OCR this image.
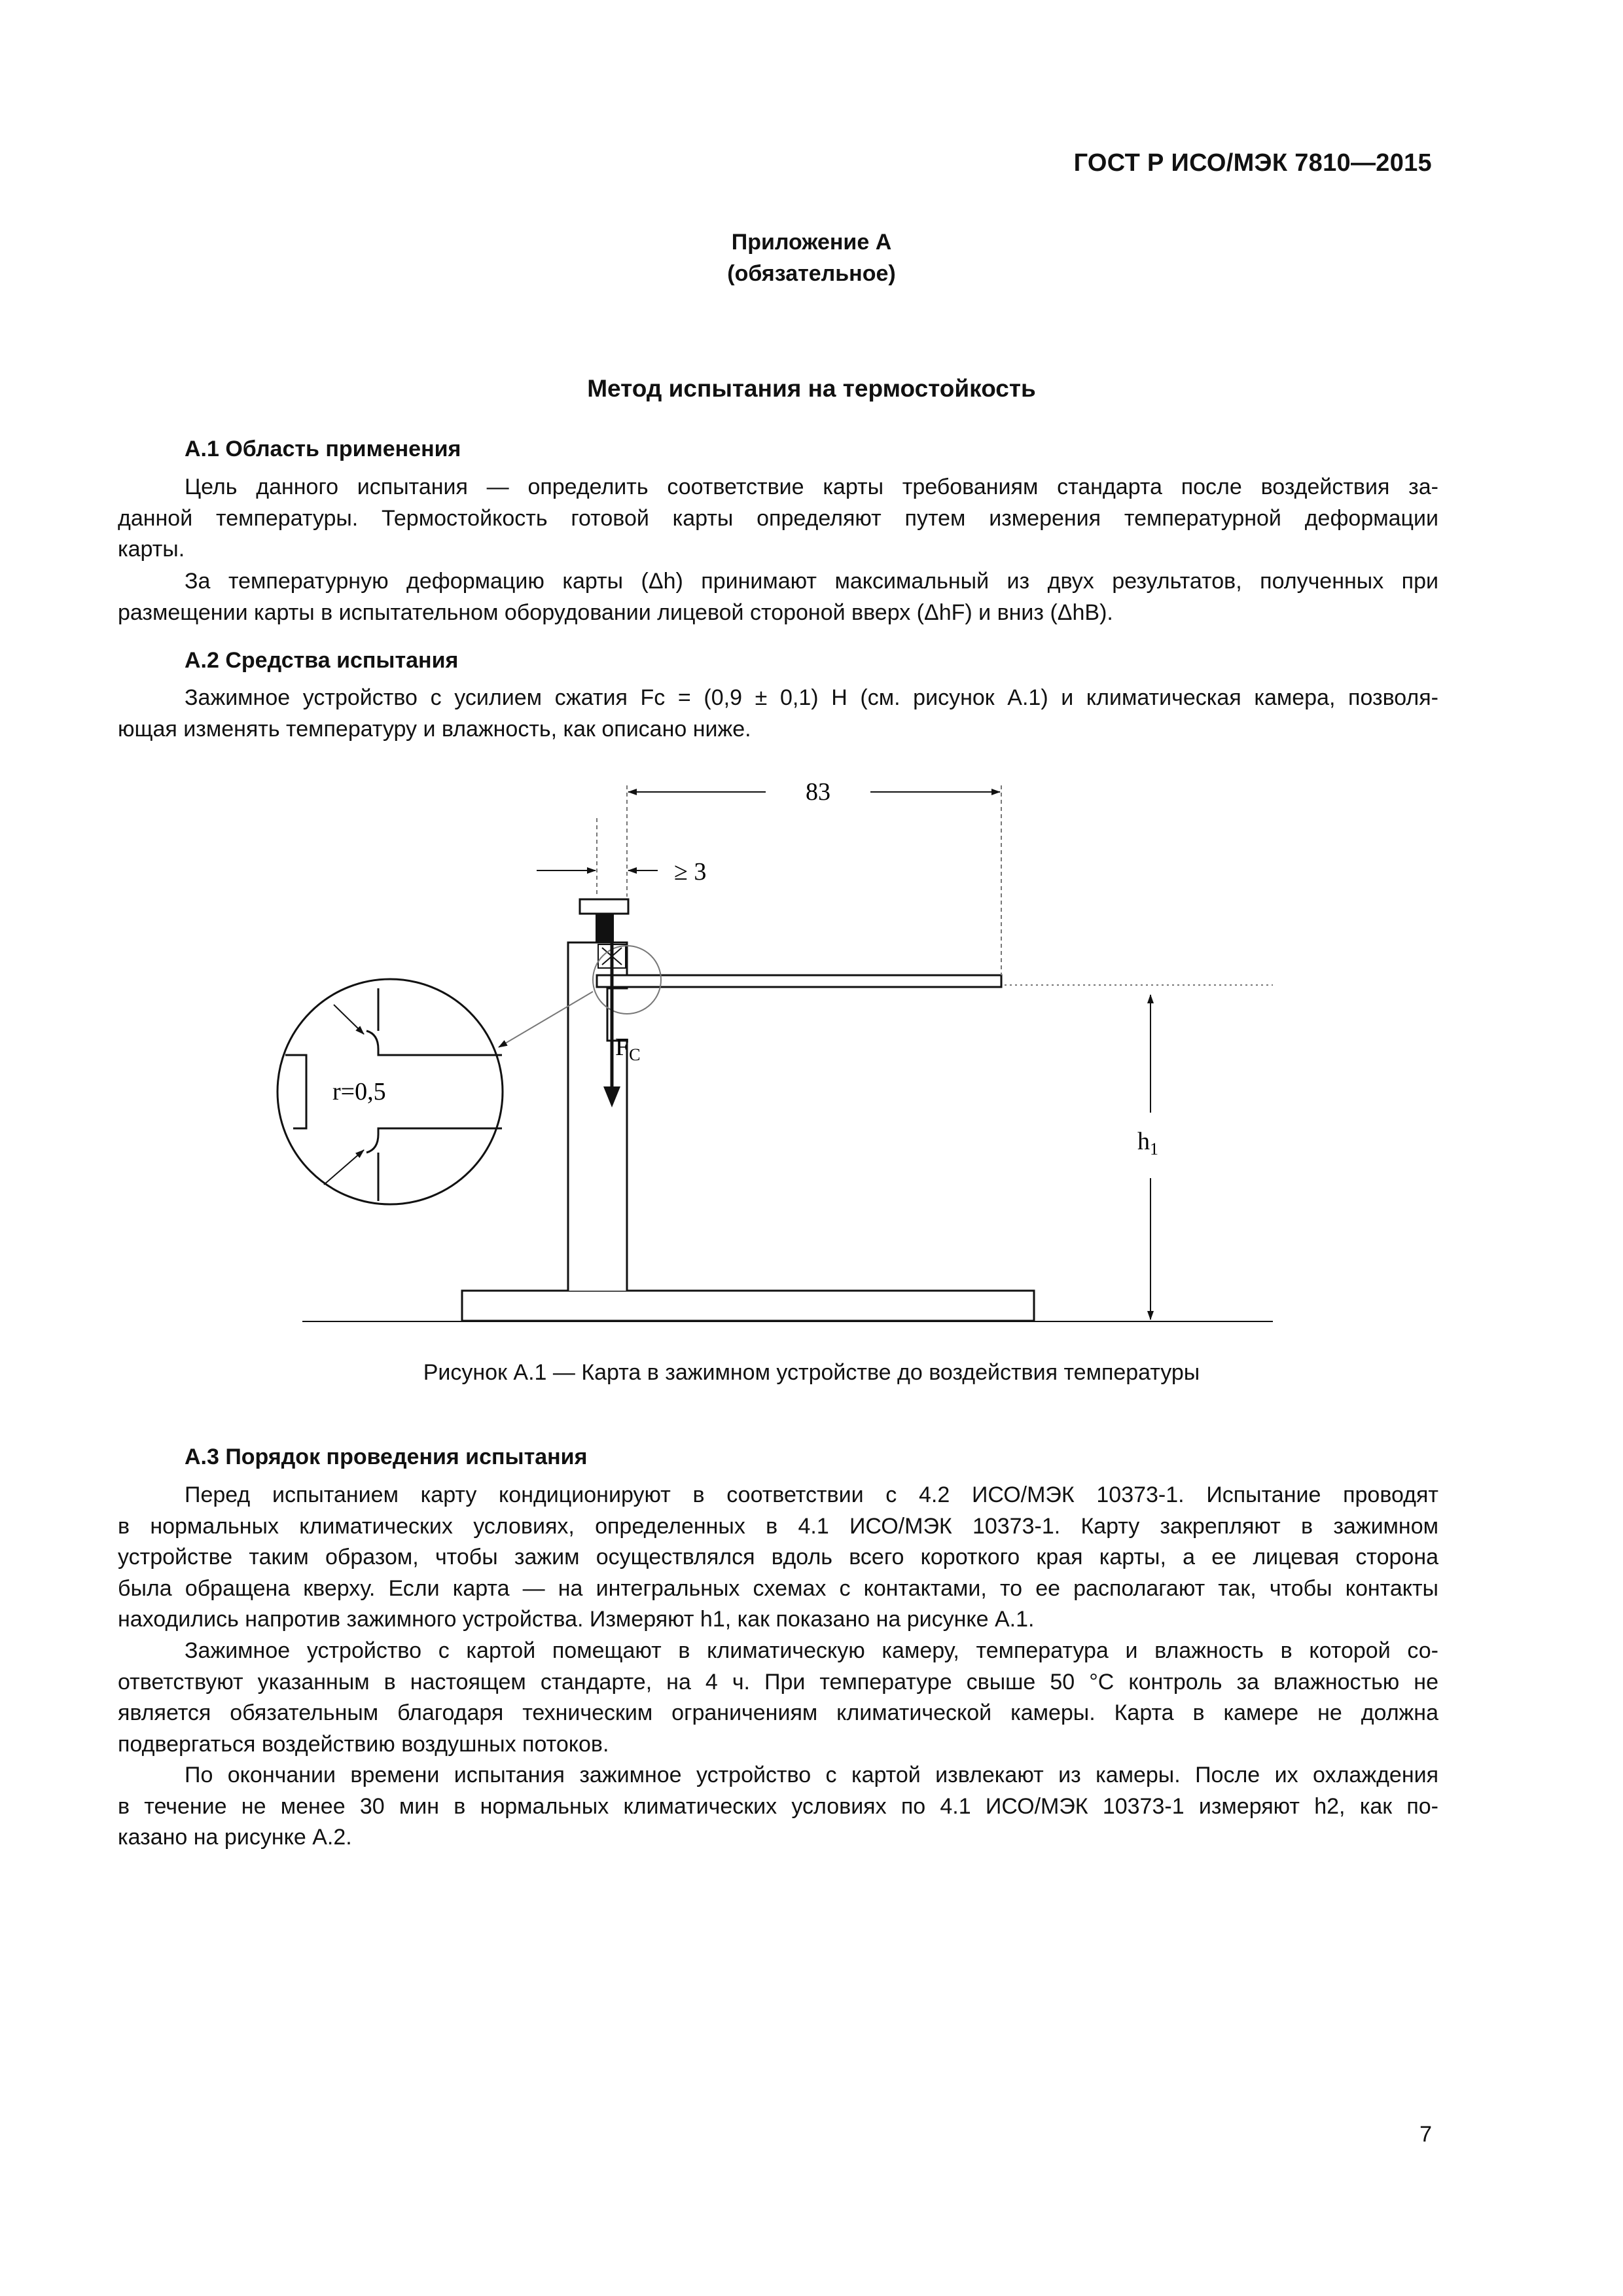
ГОСТ Р ИСО/МЭК 7810—2015
Приложение А
(обязательное)
Метод испытания на термостойкость
А.1 Область применения
Цель данного испытания — определить соответствие карты требованиям стандарта после воздействия за-
данной температуры. Термостойкость готовой карты определяют путем измерения температурной деформации
карты.
За температурную деформацию карты (Δh) принимают максимальный из двух результатов, полученных при
размещении карты в испытательном оборудовании лицевой стороной вверх (ΔhF) и вниз (ΔhB).
А.2 Средства испытания
Зажимное устройство с усилием сжатия Fc = (0,9 ± 0,1) Н (см. рисунок А.1) и климатическая камера, позволя-
ющая изменять температуру и влажность, как описано ниже.
$F_C$
83
≥ 3
$h_1$
r=0,5
Рисунок А.1 — Карта в зажимном устройстве до воздействия температуры
А.3 Порядок проведения испытания
Перед испытанием карту кондиционируют в соответствии с 4.2 ИСО/МЭК 10373-1. Испытание проводят
в нормальных климатических условиях, определенных в 4.1 ИСО/МЭК 10373-1. Карту закрепляют в зажимном
устройстве таким образом, чтобы зажим осуществлялся вдоль всего короткого края карты, а ее лицевая сторона
была обращена кверху. Если карта — на интегральных схемах с контактами, то ее располагают так, чтобы контакты
находились напротив зажимного устройства. Измеряют h1, как показано на рисунке А.1.
Зажимное устройство с картой помещают в климатическую камеру, температура и влажность в которой со-
ответствуют указанным в настоящем стандарте, на 4 ч. При температуре свыше 50 °С контроль за влажностью не
является обязательным благодаря техническим ограничениям климатической камеры. Карта в камере не должна
подвергаться воздействию воздушных потоков.
По окончании времени испытания зажимное устройство с картой извлекают из камеры. После их охлаждения
в течение не менее 30 мин в нормальных климатических условиях по 4.1 ИСО/МЭК 10373-1 измеряют h2, как по-
казано на рисунке А.2.
7
